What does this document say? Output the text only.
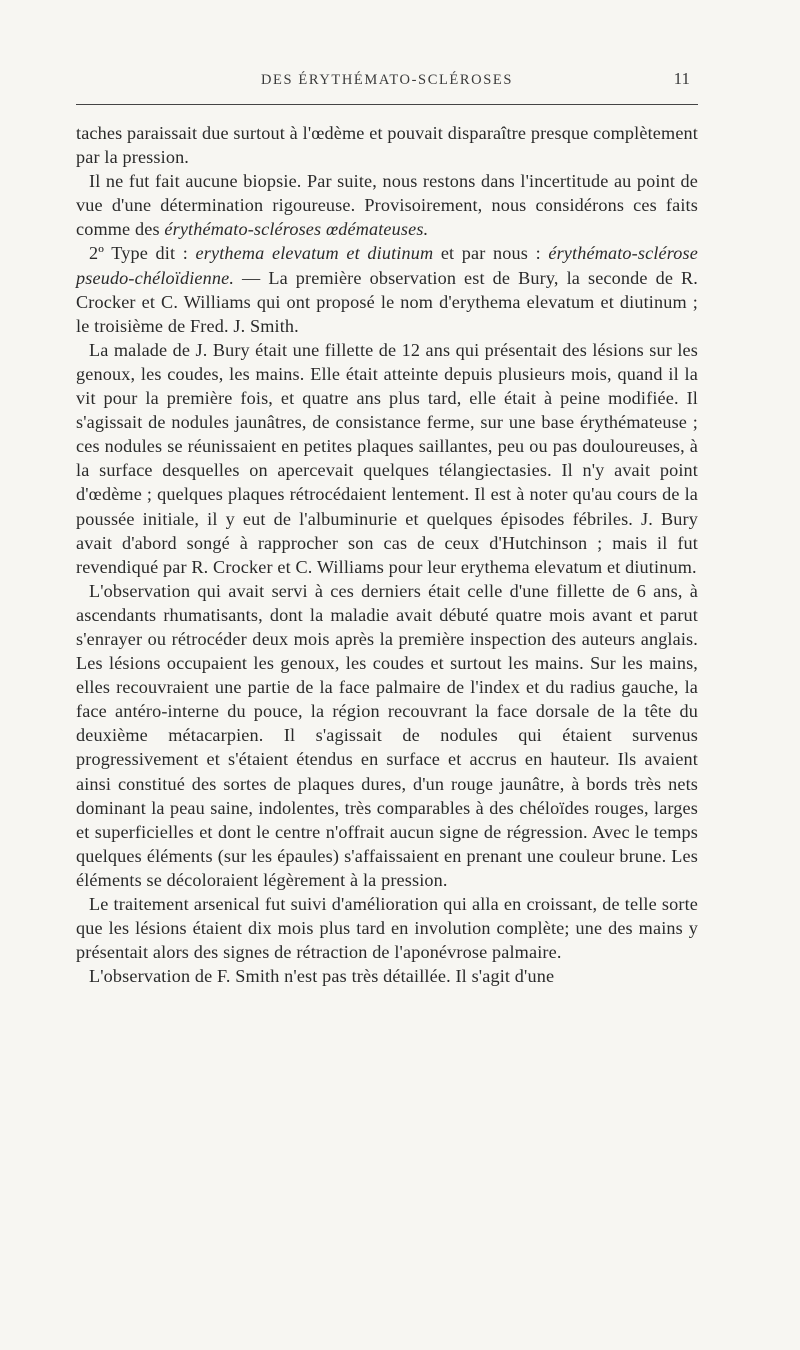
DES ÉRYTHÉMATO-SCLÉROSES	11

taches paraissait due surtout à l'œdème et pouvait disparaître presque complètement par la pression.

Il ne fut fait aucune biopsie. Par suite, nous restons dans l'incertitude au point de vue d'une détermination rigoureuse. Provisoirement, nous considérons ces faits comme des érythémato-scléroses œdémateuses.

2º Type dit : erythema elevatum et diutinum et par nous : érythémato-sclérose pseudo-chéloïdienne. — La première observation est de Bury, la seconde de R. Crocker et C. Williams qui ont proposé le nom d'erythema elevatum et diutinum ; le troisième de Fred. J. Smith.

La malade de J. Bury était une fillette de 12 ans qui présentait des lésions sur les genoux, les coudes, les mains. Elle était atteinte depuis plusieurs mois, quand il la vit pour la première fois, et quatre ans plus tard, elle était à peine modifiée. Il s'agissait de nodules jaunâtres, de consistance ferme, sur une base érythémateuse ; ces nodules se réunissaient en petites plaques saillantes, peu ou pas douloureuses, à la surface desquelles on apercevait quelques télangiectasies. Il n'y avait point d'œdème ; quelques plaques rétrocédaient lentement. Il est à noter qu'au cours de la poussée initiale, il y eut de l'albuminurie et quelques épisodes fébriles. J. Bury avait d'abord songé à rapprocher son cas de ceux d'Hutchinson ; mais il fut revendiqué par R. Crocker et C. Williams pour leur erythema elevatum et diutinum.

L'observation qui avait servi à ces derniers était celle d'une fillette de 6 ans, à ascendants rhumatisants, dont la maladie avait débuté quatre mois avant et parut s'enrayer ou rétrocéder deux mois après la première inspection des auteurs anglais. Les lésions occupaient les genoux, les coudes et surtout les mains. Sur les mains, elles recouvraient une partie de la face palmaire de l'index et du radius gauche, la face antéro-interne du pouce, la région recouvrant la face dorsale de la tête du deuxième métacarpien. Il s'agissait de nodules qui étaient survenus progressivement et s'étaient étendus en surface et accrus en hauteur. Ils avaient ainsi constitué des sortes de plaques dures, d'un rouge jaunâtre, à bords très nets dominant la peau saine, indolentes, très comparables à des chéloïdes rouges, larges et superficielles et dont le centre n'offrait aucun signe de régression. Avec le temps quelques éléments (sur les épaules) s'affaissaient en prenant une couleur brune. Les éléments se décoloraient légèrement à la pression.

Le traitement arsenical fut suivi d'amélioration qui alla en croissant, de telle sorte que les lésions étaient dix mois plus tard en involution complète; une des mains y présentait alors des signes de rétraction de l'aponévrose palmaire.

L'observation de F. Smith n'est pas très détaillée. Il s'agit d'une
